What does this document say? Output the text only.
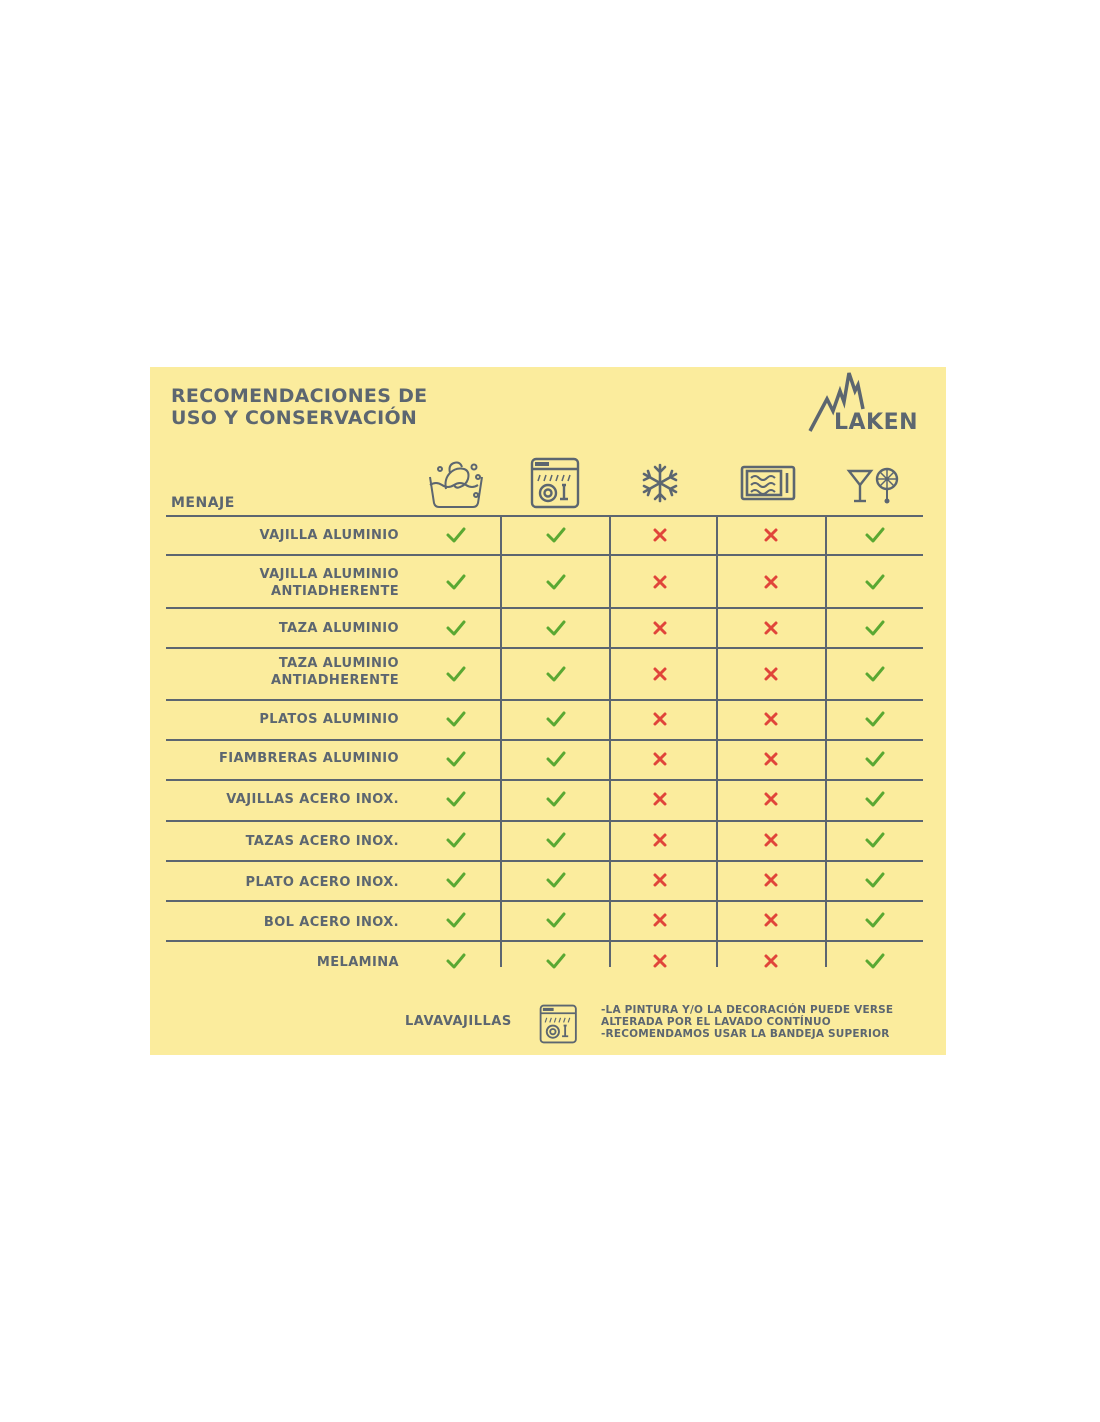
RECOMENDACIONES DE
USO Y CONSERVACIÓN	LAKEN
MENAJE
VAJILLA ALUMINIO
VAJILLA ALUMINIO
ANTIADHERENTE
TAZA ALUMINIO
TAZA ALUMINIO
ANTIADHERENTE
PLATOS ALUMINIO
FIAMBRERAS ALUMINIO
VAJILLAS ACERO INOX.
TAZAS ACERO INOX.
PLATO ACERO INOX.
BOL ACERO INOX.
MELAMINA
LAVAVAJILLAS
-LA PINTURA Y/O LA DECORACIÓN PUEDE VERSE
ALTERADA POR EL LAVADO CONTÍNUO
-RECOMENDAMOS USAR LA BANDEJA SUPERIOR
